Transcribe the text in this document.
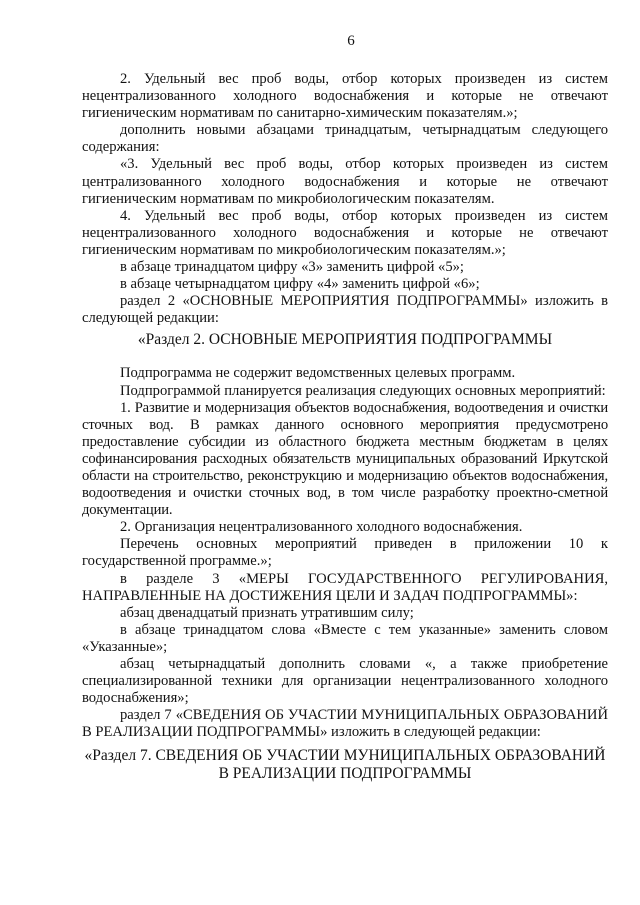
6

2. Удельный вес проб воды, отбор которых произведен из систем нецентрализованного холодного водоснабжения и которые не отвечают гигиеническим нормативам по санитарно-химическим показателям.»;

дополнить новыми абзацами тринадцатым, четырнадцатым следующего содержания:

«3. Удельный вес проб воды, отбор которых произведен из систем централизованного холодного водоснабжения и которые не отвечают гигиеническим нормативам по микробиологическим показателям.

4. Удельный вес проб воды, отбор которых произведен из систем нецентрализованного холодного водоснабжения и которые не отвечают гигиеническим нормативам по микробиологическим показателям.»;

в абзаце тринадцатом цифру «3» заменить цифрой «5»;

в абзаце четырнадцатом цифру «4» заменить цифрой «6»;

раздел 2 «ОСНОВНЫЕ МЕРОПРИЯТИЯ ПОДПРОГРАММЫ» изложить в следующей редакции:

«Раздел 2. ОСНОВНЫЕ МЕРОПРИЯТИЯ ПОДПРОГРАММЫ

Подпрограмма не содержит ведомственных целевых программ.

Подпрограммой планируется реализация следующих основных мероприятий:

1. Развитие и модернизация объектов водоснабжения, водоотведения и очистки сточных вод. В рамках данного основного мероприятия предусмотрено предоставление субсидии из областного бюджета местным бюджетам в целях софинансирования расходных обязательств муниципальных образований Иркутской области на строительство, реконструкцию и модернизацию объектов водоснабжения, водоотведения и очистки сточных вод, в том числе разработку проектно-сметной документации.

2. Организация нецентрализованного холодного водоснабжения.

Перечень основных мероприятий приведен в приложении 10 к государственной программе.»;

в разделе 3 «МЕРЫ ГОСУДАРСТВЕННОГО РЕГУЛИРОВАНИЯ, НАПРАВЛЕННЫЕ НА ДОСТИЖЕНИЯ ЦЕЛИ И ЗАДАЧ ПОДПРОГРАММЫ»:

абзац двенадцатый признать утратившим силу;

в абзаце тринадцатом слова «Вместе с тем указанные» заменить словом «Указанные»;

абзац четырнадцатый дополнить словами «, а также приобретение специализированной техники для организации нецентрализованного холодного водоснабжения»;

раздел 7 «СВЕДЕНИЯ ОБ УЧАСТИИ МУНИЦИПАЛЬНЫХ ОБРАЗОВАНИЙ В РЕАЛИЗАЦИИ ПОДПРОГРАММЫ» изложить в следующей редакции:

«Раздел 7. СВЕДЕНИЯ ОБ УЧАСТИИ МУНИЦИПАЛЬНЫХ ОБРАЗОВАНИЙ В РЕАЛИЗАЦИИ ПОДПРОГРАММЫ
